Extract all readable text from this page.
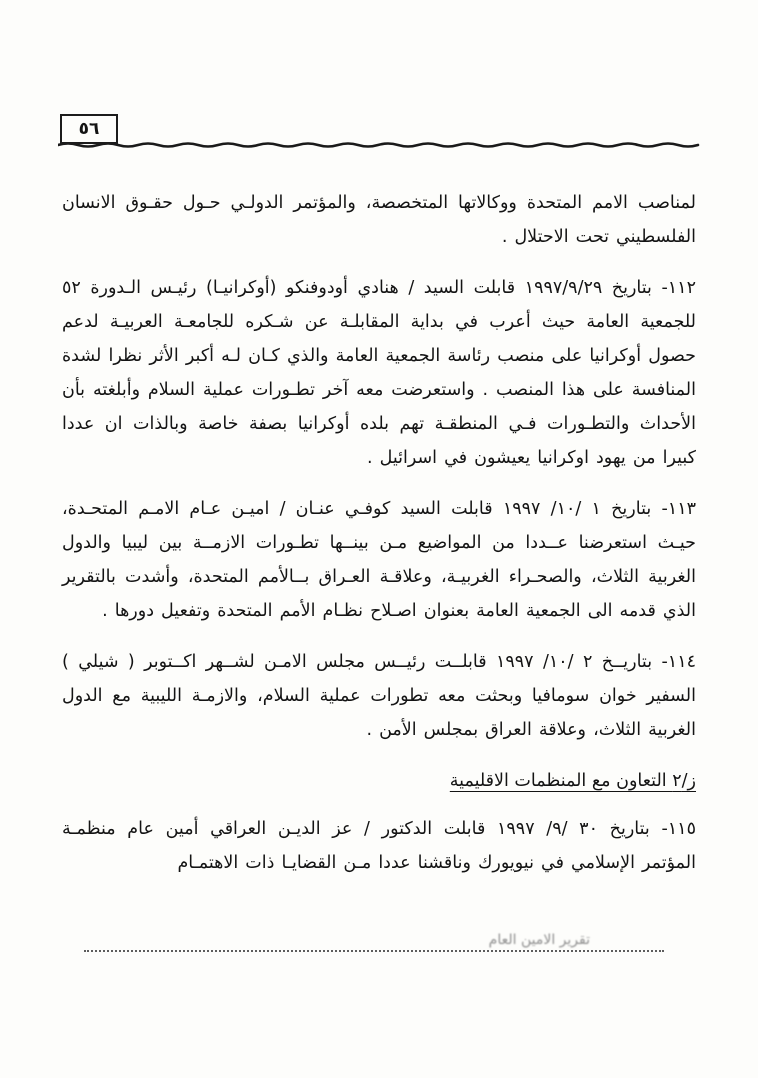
٥٦

لمناصب الامم المتحدة ووكالاتها المتخصصة، والمؤتمر الدولـي حـول حقـوق الانسان الفلسطيني تحت الاحتلال .

١١٢- بتاريخ ١٩٩٧/٩/٢٩ قابلت السيد / هنادي أودوفنكو (أوكرانيـا) رئيـس الـدورة ٥٢ للجمعية العامة حيث أعرب في بداية المقابلـة عن شـكره للجامعـة العربيـة لدعم حصول أوكرانيا على منصب رئاسة الجمعية العامة والذي كـان لـه أكبر الأثر نظرا لشدة المنافسة على هذا المنصب . واستعرضت معه آخر تطـورات عملية السلام وأبلغته بأن الأحداث والتطـورات فـي المنطقـة تهم بلده أوكرانيا بصفة خاصة وبالذات ان عددا كبيرا من يهود اوكرانيا يعيشون في اسرائيل .

١١٣- بتاريخ ١ /١٠/ ١٩٩٧ قابلت السيد كوفـي عنـان / اميـن عـام الامـم المتحـدة، حيـث استعرضنا عــددا من المواضيع مـن بينــها تطـورات الازمــة بين ليبيا والدول الغربية الثلاث، والصحـراء الغربيـة، وعلاقـة العـراق بــالأمم المتحدة، وأشدت بالتقرير الذي قدمه الى الجمعية العامة بعنوان اصـلاح نظـام الأمم المتحدة وتفعيل دورها .

١١٤- بتاريــخ ٢ /١٠/ ١٩٩٧ قابلــت رئيــس مجلس الامـن لشــهر اكــتوبر ( شيلي ) السفير خوان سومافيا وبحثت معه تطورات عملية السلام، والازمـة الليبية مع الدول الغربية الثلاث، وعلاقة العراق بمجلس الأمن .

ز/٢ التعاون مع المنظمات الاقليمية

١١٥- بتاريخ ٣٠ /٩/ ١٩٩٧ قابلت الدكتور / عز الديـن العراقي أمين عام منظمـة المؤتمر الإسلامي في نيويورك وناقشنا عددا مـن القضايـا ذات الاهتمـام

تقرير الامين العام
